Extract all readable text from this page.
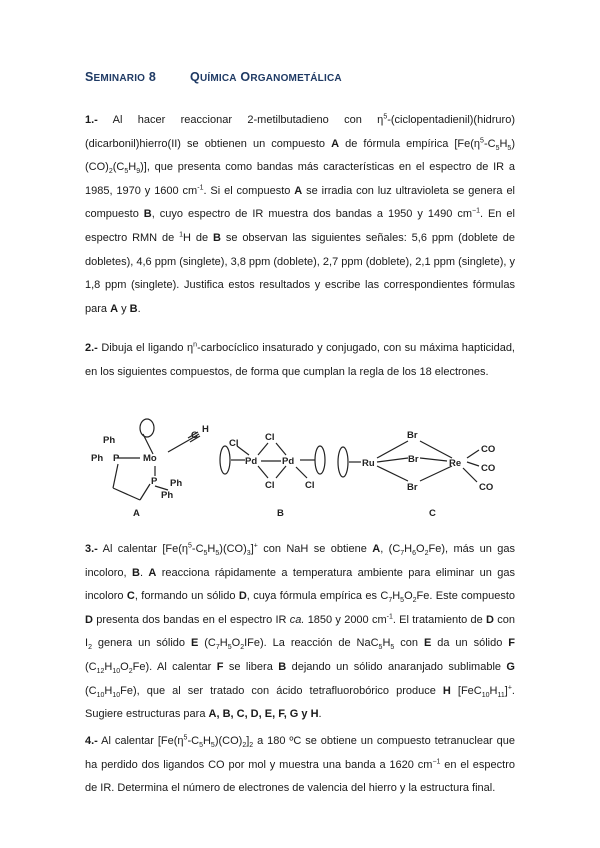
SEMINARIO 8	QUÍMICA ORGANOMETÁLICA

1.- Al hacer reaccionar 2-metilbutadieno con $\eta^5-(ciclopentadienil)(hidruro)(dicarbonil)hierro(II)$ se obtienen un compuesto A de fórmula empírica $[Fe(\eta^5-C_5H_5)(CO)_2(C_5H_9)]$, que presenta como bandas más características en el espectro de IR a 1985, 1970 y 1600 $cm^{-1}$. Si el compuesto A se irradia con luz ultravioleta se genera el compuesto B, cuyo espectro de IR muestra dos bandas a 1950 y 1490 $cm^{-1}$. En el espectro RMN de $^1$H de B se observan las siguientes señales: 5,6 ppm (doblete de dobletes), 4,6 ppm (singlete), 3,8 ppm (doblete), 2,7 ppm (doblete), 2,1 ppm (singlete), y 1,8 ppm (singlete). Justifica estos resultados y escribe las correspondientes fórmulas para A y B.

2.- Dibuja el ligando $\eta^n$-carbocíclico insaturado y conjugado, con su máxima hapticidad, en los siguientes compuestos, de forma que cumplan la regla de los 18 electrones.

Ph
Ph P Mo
C
H
P Ph
Ph
A
Cl
Cl
Cl	Cl
Pd	Pd
B
Ru
Br
Br
Br
Re
CO
CO
CO
C

3.- Al calentar $[Fe(\eta^5-C_5H_5)(CO)_3]^+$ con NaH se obtiene A, $(C_7H_6O_2Fe)$, más un gas incoloro, B. A reacciona rápidamente a temperatura ambiente para eliminar un gas incoloro C, formando un sólido D, cuya fórmula empírica es $C_7H_5O_2Fe$. Este compuesto D presenta dos bandas en el espectro IR ca. 1850 y 2000 $cm^{-1}$. El tratamiento de D con $I_2$ genera un sólido E $(C_7H_5O_2IFe)$. La reacción de $NaC_5H_5$ con E da un sólido F $(C_{12}H_{10}O_2Fe)$. Al calentar F se libera B dejando un sólido anaranjado sublimable G $(C_{10}H_{10}Fe)$, que al ser tratado con ácido tetrafluorobórico produce H $[FeC_{10}H_{11}]^+$. Sugiere estructuras para A, B, C, D, E, F, G y H.

4.- Al calentar $[Fe(\eta^5-C_5H_5)(CO)_2]_2$ a 180 ºC se obtiene un compuesto tetranuclear que ha perdido dos ligandos CO por mol y muestra una banda a 1620 $cm^{-1}$ en el espectro de IR. Determina el número de electrones de valencia del hierro y la estructura final.
